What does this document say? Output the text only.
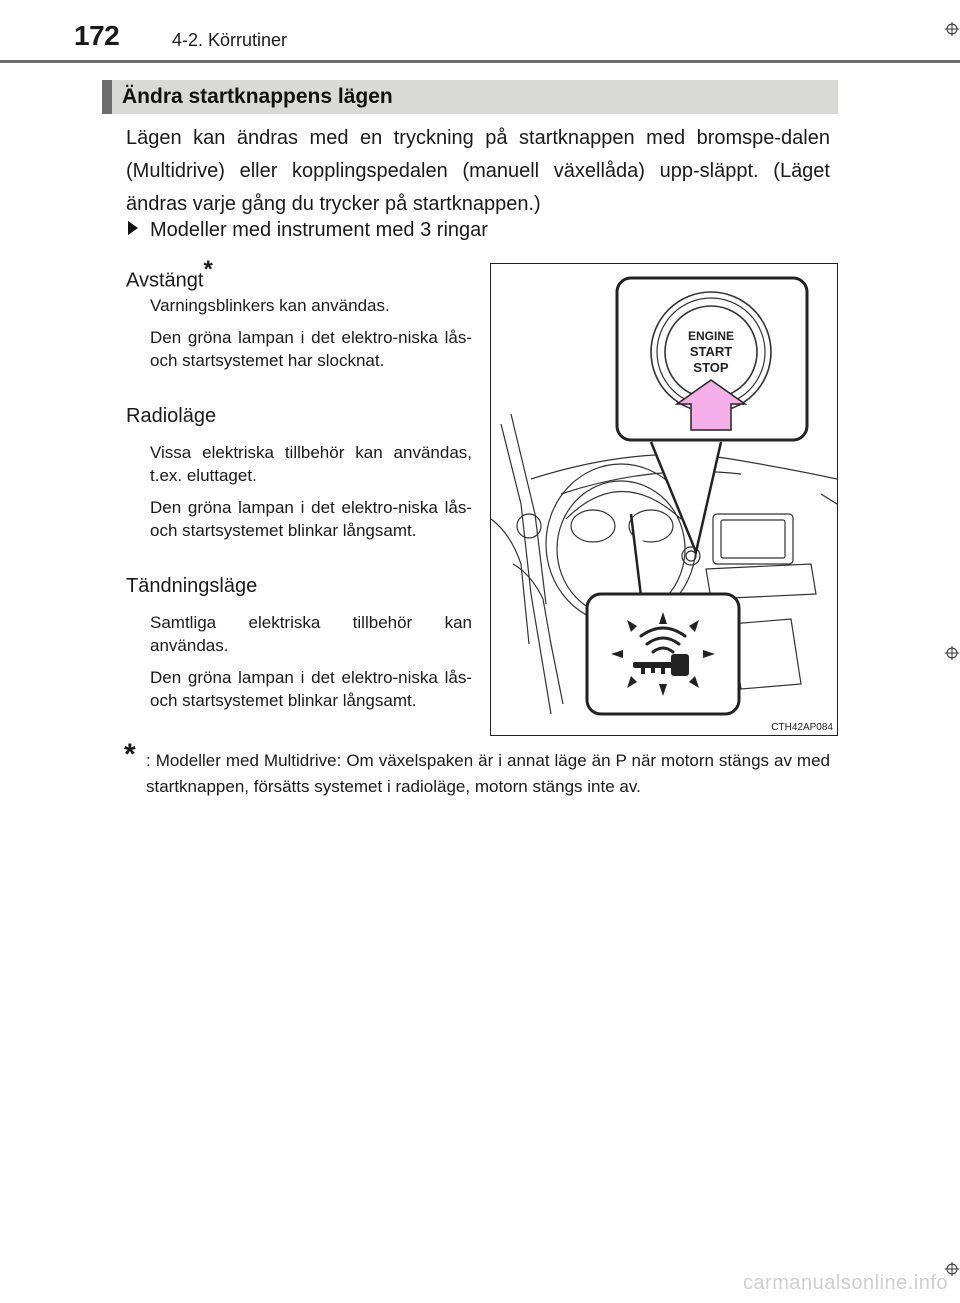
172	4-2. Körrutiner
Ändra startknappens lägen
Lägen kan ändras med en tryckning på startknappen med bromspe-dalen (Multidrive) eller kopplingspedalen (manuell växellåda) upp-släppt. (Läget ändras varje gång du trycker på startknappen.)
Modeller med instrument med 3 ringar
Avstängt*
Varningsblinkers kan användas.
Den gröna lampan i det elektro-niska lås- och startsystemet har slocknat.
Radioläge
Vissa elektriska tillbehör kan användas, t.ex. eluttaget.
Den gröna lampan i det elektro-niska lås- och startsystemet blinkar långsamt.
Tändningsläge
Samtliga elektriska tillbehör kan användas.
Den gröna lampan i det elektro-niska lås- och startsystemet blinkar långsamt.
ENGINE
START
STOP
CTH42AP084
* : Modeller med Multidrive: Om växelspaken är i annat läge än P när motorn stängs av med startknappen, försätts systemet i radioläge, motorn stängs inte av.
carmanualsonline.info
